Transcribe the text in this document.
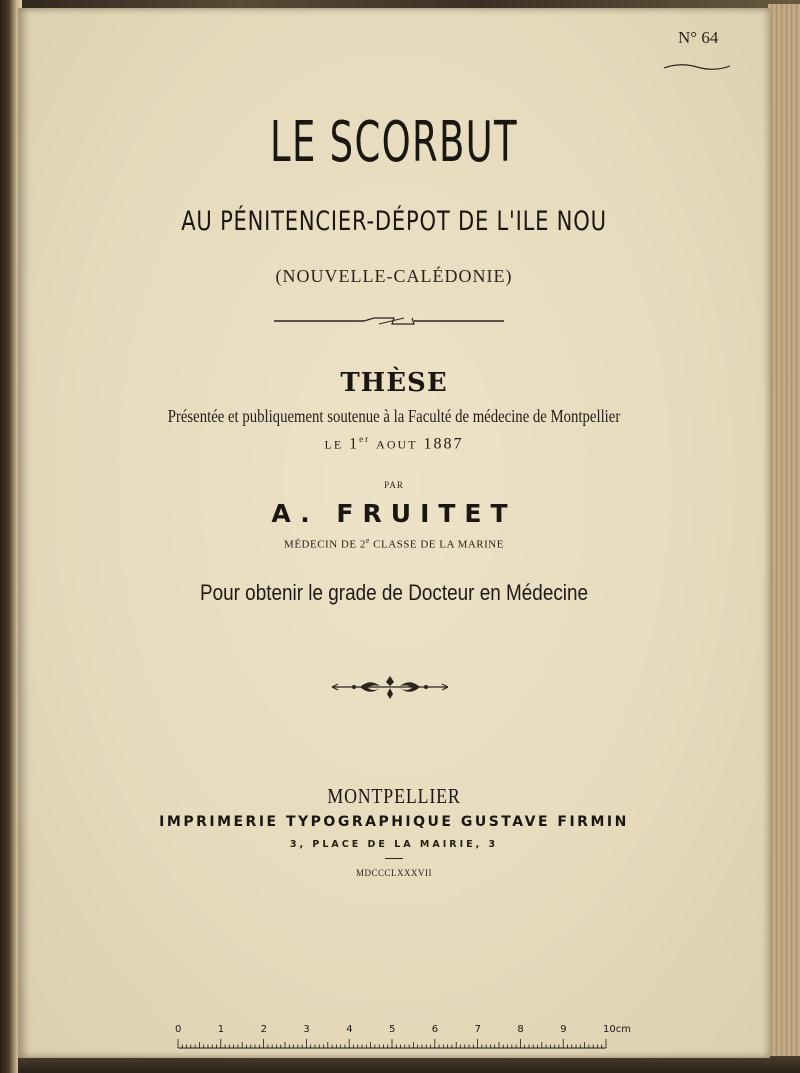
N° 64
LE SCORBUT
AU PÉNITENCIER-DÉPOT DE L'ILE NOU
(NOUVELLE-CALÉDONIE)
THÈSE
Présentée et publiquement soutenue à la Faculté de médecine de Montpellier
LE 1er AOUT 1887
PAR
A. FRUITET
MÉDECIN DE 2e CLASSE DE LA MARINE
Pour obtenir le grade de Docteur en Médecine
MONTPELLIER
IMPRIMERIE TYPOGRAPHIQUE GUSTAVE FIRMIN
3, PLACE DE LA MAIRIE, 3
MDCCCLXXXVII
0	1	2	3	4	5	6	7	8	9	10cm
